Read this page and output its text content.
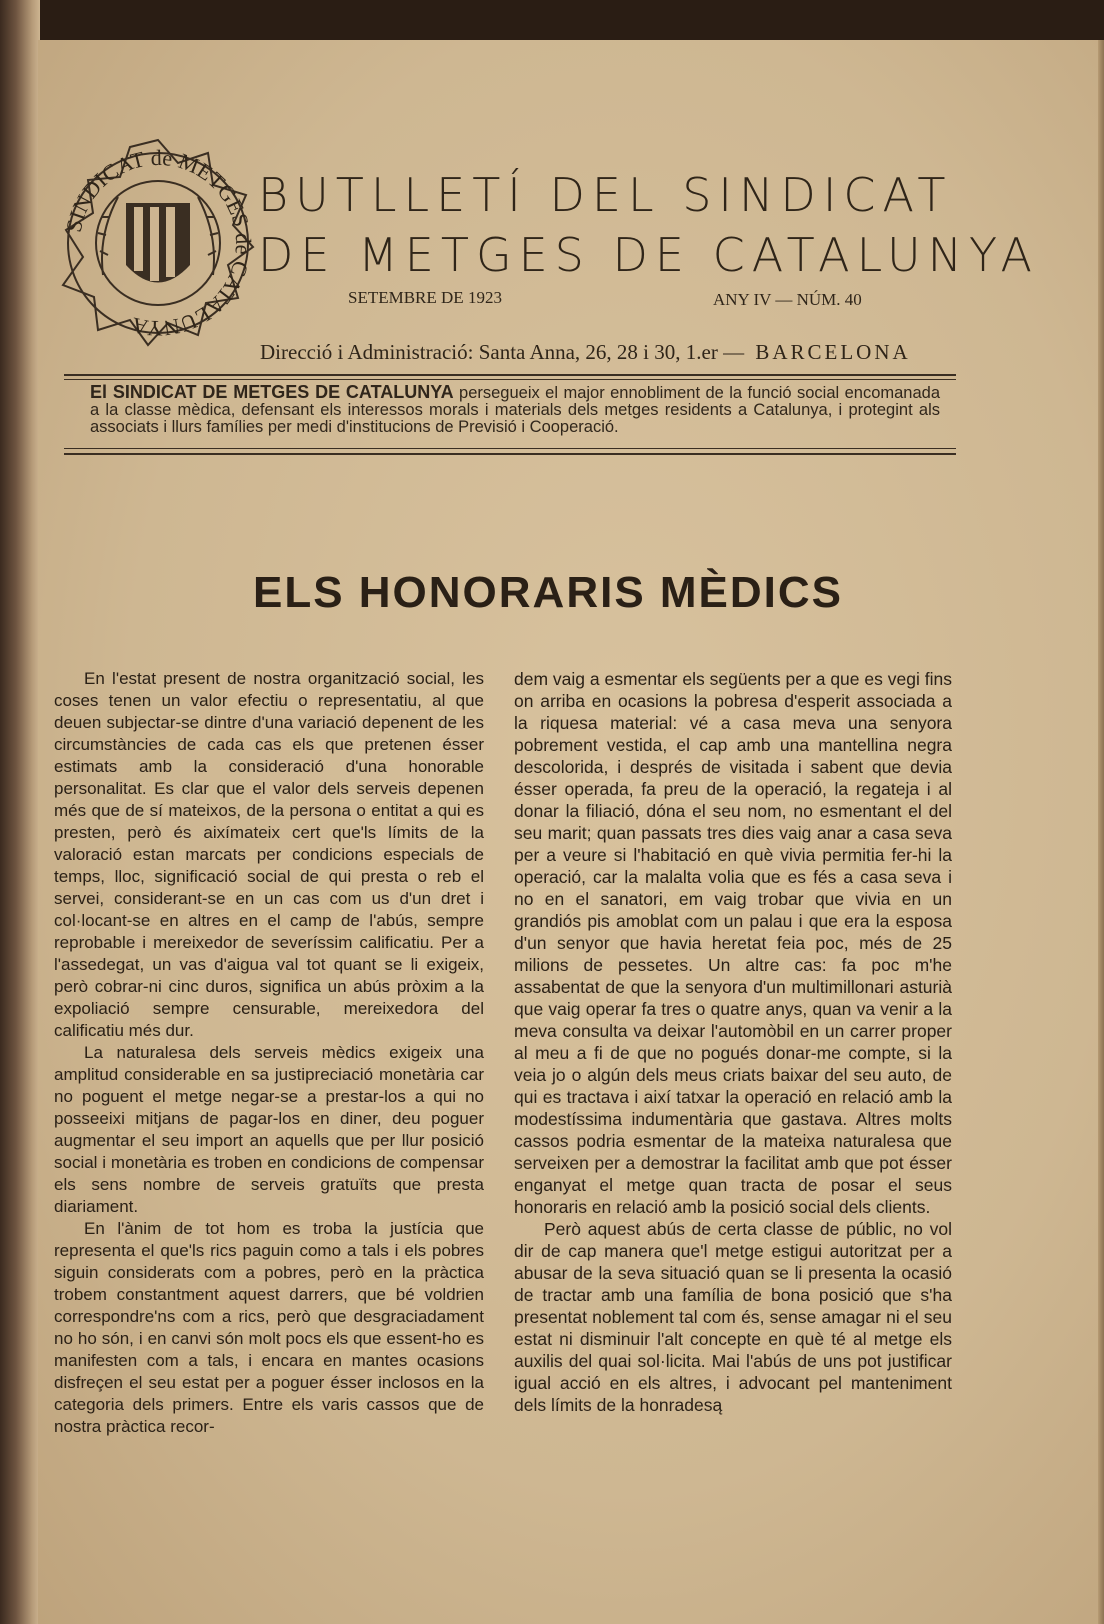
SINDICAT de METGES de CATALUNYA
BUTLLETÍ DEL SINDICAT
DE METGES DE CATALUNYA
SETEMBRE DE 1923	ANY IV — NÚM. 40
Direcció i Administració: Santa Anna, 26, 28 i 30, 1.er — BARCELONA
El SINDICAT DE METGES DE CATALUNYA persegueix el major ennobliment de la funció social encomanada a la classe mèdica, defensant els interessos morals i materials dels metges residents a Catalunya, i protegint als associats i llurs famílies per medi d'institucions de Previsió i Cooperació.
ELS HONORARIS MÈDICS

En l'estat present de nostra organització social, les coses tenen un valor efectiu o representatiu, al que deuen subjectar-se dintre d'una variació depenent de les circumstàncies de cada cas els que pretenen ésser estimats amb la consideració d'una honorable personalitat. Es clar que el valor dels serveis depenen més que de sí mateixos, de la persona o entitat a qui es presten, però és aixímateix cert que'ls límits de la valoració estan marcats per condicions especials de temps, lloc, significació social de qui presta o reb el servei, considerant-se en un cas com us d'un dret i col·locant-se en altres en el camp de l'abús, sempre reprobable i mereixedor de severíssim calificatiu. Per a l'assedegat, un vas d'aigua val tot quant se li exigeix, però cobrar-ni cinc duros, significa un abús pròxim a la expoliació sempre censurable, mereixedora del calificatiu més dur.

La naturalesa dels serveis mèdics exigeix una amplitud considerable en sa justipreciació monetària car no poguent el metge negar-se a prestar-los a qui no posseeixi mitjans de pagar-los en diner, deu poguer augmentar el seu import an aquells que per llur posició social i monetària es troben en condicions de compensar els sens nombre de serveis gratuïts que presta diariament.

En l'ànim de tot hom es troba la justícia que representa el que'ls rics paguin como a tals i els pobres siguin considerats com a pobres, però en la pràctica trobem constantment aquest darrers, que bé voldrien correspondre'ns com a rics, però que desgraciadament no ho són, i en canvi són molt pocs els que essent-ho es manifesten com a tals, i encara en mantes ocasions disfreçen el seu estat per a poguer ésser inclosos en la categoria dels primers. Entre els varis cassos que de nostra pràctica recor-

dem vaig a esmentar els següents per a que es vegi fins on arriba en ocasions la pobresa d'esperit associada a la riquesa material: vé a casa meva una senyora pobrement vestida, el cap amb una mantellina negra descolorida, i després de visitada i sabent que devia ésser operada, fa preu de la operació, la regateja i al donar la filiació, dóna el seu nom, no esmentant el del seu marit; quan passats tres dies vaig anar a casa seva per a veure si l'habitació en què vivia permitia fer-hi la operació, car la malalta volia que es fés a casa seva i no en el sanatori, em vaig trobar que vivia en un grandiós pis amoblat com un palau i que era la esposa d'un senyor que havia heretat feia poc, més de 25 milions de pessetes. Un altre cas: fa poc m'he assabentat de que la senyora d'un multimillonari asturià que vaig operar fa tres o quatre anys, quan va venir a la meva consulta va deixar l'automòbil en un carrer proper al meu a fi de que no pogués donar-me compte, si la veia jo o algún dels meus criats baixar del seu auto, de qui es tractava i així tatxar la operació en relació amb la modestíssima indumentària que gastava. Altres molts cassos podria esmentar de la mateixa naturalesa que serveixen per a demostrar la facilitat amb que pot ésser enganyat el metge quan tracta de posar el seus honoraris en relació amb la posició social dels clients.

Però aquest abús de certa classe de públic, no vol dir de cap manera que'l metge estigui autoritzat per a abusar de la seva situació quan se li presenta la ocasió de tractar amb una família de bona posició que s'ha presentat noblement tal com és, sense amagar ni el seu estat ni disminuir l'alt concepte en què té al metge els auxilis del quai sol·licita. Mai l'abús de uns pot justificar igual acció en els altres, i advocant pel manteniment dels límits de la honradesą
